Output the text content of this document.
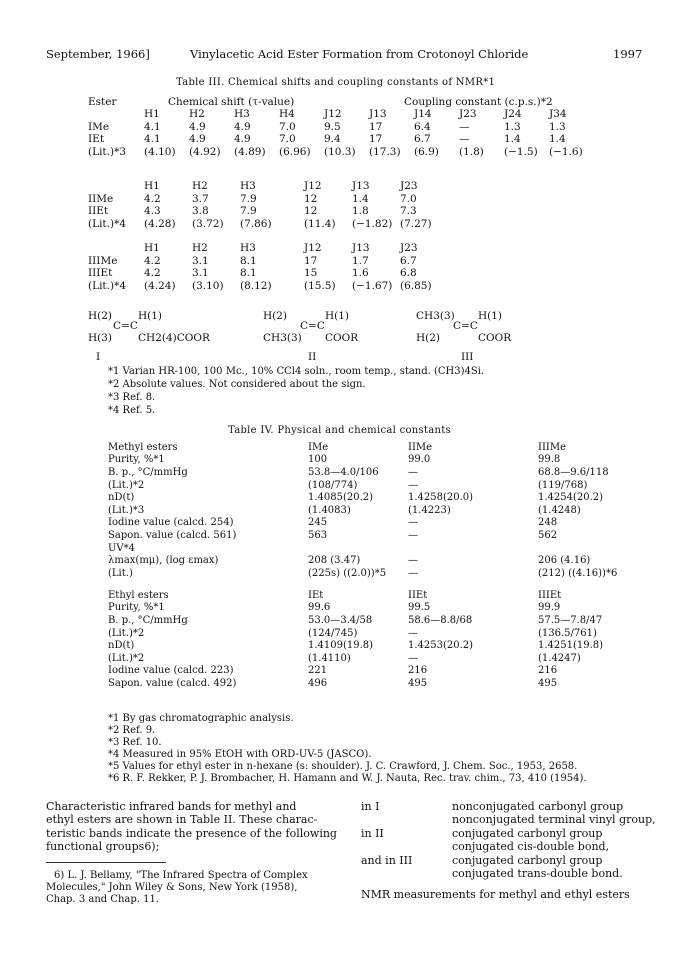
September, 1966]	Vinylacetic Acid Ester Formation from Crotonoyl Chloride	1997
Table III. Chemical shifts and coupling constants of NMR*1
Ester	Chemical shift (τ-value)	Coupling constant (c.p.s.)*2
	H1	H2	H3	H4	J12	J13	J14	J23	J24	J34
IMe	4.1	4.9	4.9	7.0	9.5	17	6.4	—	1.3	1.3
IEt	4.1	4.9	4.9	7.0	9.4	17	6.7	—	1.4	1.4
(Lit.)*3	(4.10)	(4.92)	(4.89)	(6.96)	(10.3)	(17.3)	(6.9)	(1.8)	(−1.5)	(−1.6)
	H1	H2	H3	J12	J13	J23
IIMe	4.2	3.7	7.9	12	1.4	7.0
IIEt	4.3	3.8	7.9	12	1.8	7.3
(Lit.)*4	(4.28)	(3.72)	(7.86)	(11.4)	(−1.82)	(7.27)
	H1	H2	H3	J12	J13	J23
IIIMe	4.2	3.1	8.1	17	1.7	6.7
IIIEt	4.2	3.1	8.1	15	1.6	6.8
(Lit.)*4	(4.24)	(3.10)	(8.12)	(15.5)	(−1.67)	(6.85)
H(2) H(1)
C=C
H(3) CH2(4)COOR
I
H(2)	H(1)
C=C
CH3(3) COOR
II
CH3(3) H(1)
C=C
H(2)	COOR
III
*1 Varian HR-100, 100 Mc., 10% CCl4 soln., room temp., stand. (CH3)4Si.
*2 Absolute values. Not considered about the sign.
*3 Ref. 8.
*4 Ref. 5.
Table IV. Physical and chemical constants
Methyl esters	IMe	IIMe	IIIMe
Purity, %*1	100	99.0	99.8
B. p., °C/mmHg	53.8—4.0/106	—	68.8—9.6/118
(Lit.)*2	(108/774)	—	(119/768)
nD(t)	1.4085(20.2)	1.4258(20.0)	1.4254(20.2)
(Lit.)*3	(1.4083)	(1.4223)	(1.4248)
Iodine value (calcd. 254)	245	—	248
Sapon. value (calcd. 561)	563	—	562
UV*4			
λmax(mμ), (log εmax)	208 (3.47)	—	206 (4.16)
(Lit.)	(225s) ((2.0))*5	—	(212) ((4.16))*6
Ethyl esters	IEt	IIEt	IIIEt
Purity, %*1	99.6	99.5	99.9
B. p., °C/mmHg	53.0—3.4/58	58.6—8.8/68	57.5—7.8/47
(Lit.)*2	(124/745)	—	(136.5/761)
nD(t)	1.4109(19.8)	1.4253(20.2)	1.4251(19.8)
(Lit.)*2	(1.4110)	—	(1.4247)
Iodine value (calcd. 223)	221	216	216
Sapon. value (calcd. 492)	496	495	495
*1 By gas chromatographic analysis.
*2 Ref. 9.
*3 Ref. 10.
*4 Measured in 95% EtOH with ORD-UV-5 (JASCO).
*5 Values for ethyl ester in n-hexane (s: shoulder). J. C. Crawford, J. Chem. Soc., 1953, 2658.
*6 R. F. Rekker, P. J. Brombacher, H. Hamann and W. J. Nauta, Rec. trav. chim., 73, 410 (1954).
Characteristic infrared bands for methyl and
ethyl esters are shown in Table II. These charac-
teristic bands indicate the presence of the following
functional groups6);
6) L. J. Bellamy, "The Infrared Spectra of Complex
Molecules," John Wiley & Sons, New York (1958),
Chap. 3 and Chap. 11.
in I	nonconjugated carbonyl group
nonconjugated terminal vinyl group,
in II	conjugated carbonyl group
conjugated cis-double bond,
and in III	conjugated carbonyl group
conjugated trans-double bond.
NMR measurements for methyl and ethyl esters
